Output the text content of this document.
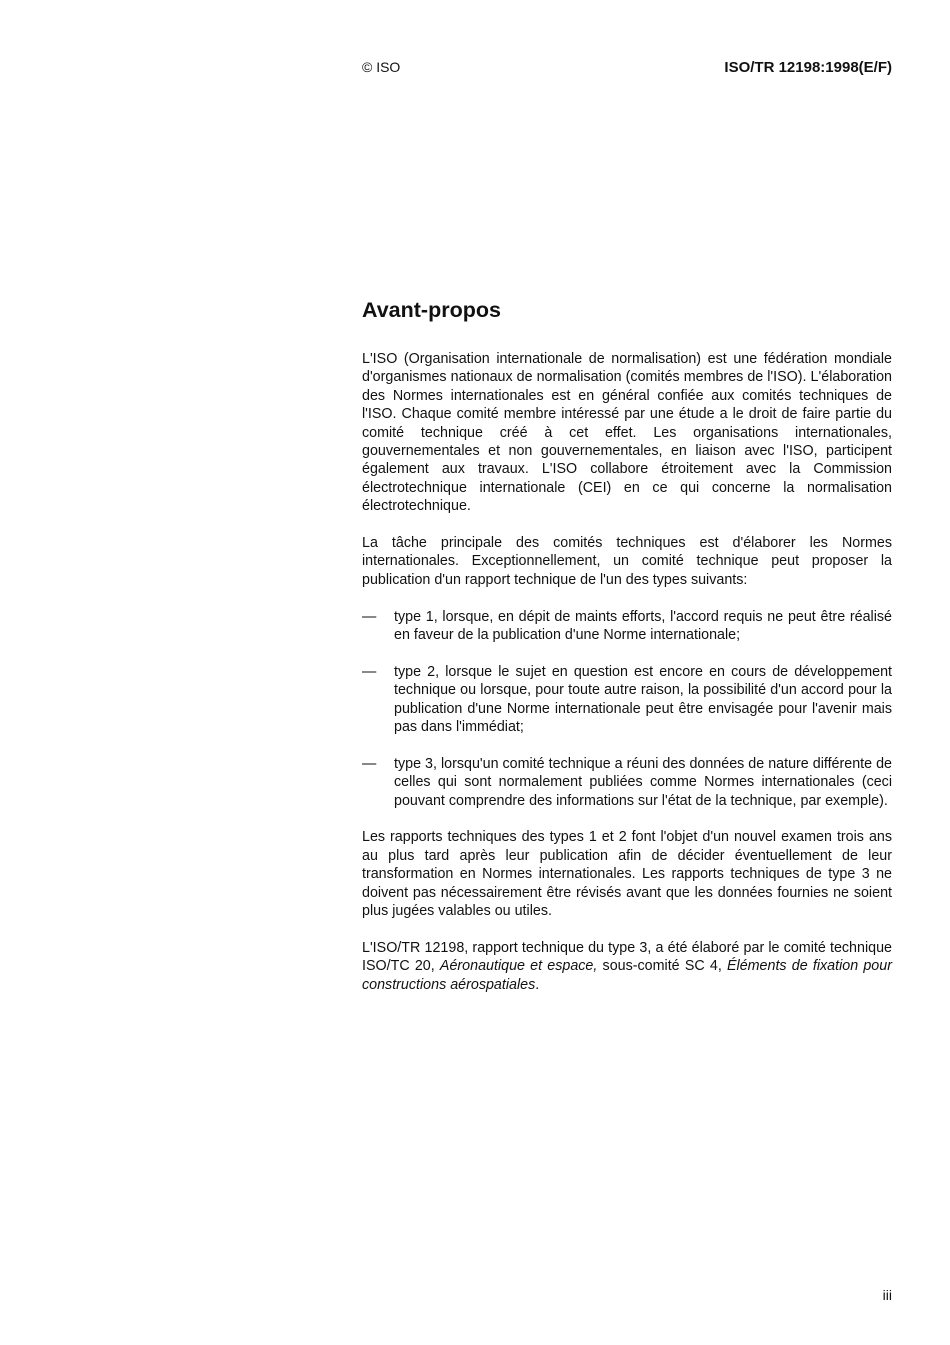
© ISO	ISO/TR 12198:1998(E/F)
Avant-propos

L'ISO (Organisation internationale de normalisation) est une fédération mondiale d'organismes nationaux de normalisation (comités membres de l'ISO). L'élaboration des Normes internationales est en général confiée aux comités techniques de l'ISO. Chaque comité membre intéressé par une étude a le droit de faire partie du comité technique créé à cet effet. Les organisations internationales, gouvernementales et non gouvernementales, en liaison avec l'ISO, participent également aux travaux. L'ISO collabore étroitement avec la Commission électrotechnique internationale (CEI) en ce qui concerne la normalisation électrotechnique.

La tâche principale des comités techniques est d'élaborer les Normes internationales. Exceptionnellement, un comité technique peut proposer la publication d'un rapport technique de l'un des types suivants:

— type 1, lorsque, en dépit de maints efforts, l'accord requis ne peut être réalisé en faveur de la publication d'une Norme internationale;
— type 2, lorsque le sujet en question est encore en cours de développement technique ou lorsque, pour toute autre raison, la possibilité d'un accord pour la publication d'une Norme internationale peut être envisagée pour l'avenir mais pas dans l'immédiat;
— type 3, lorsqu'un comité technique a réuni des données de nature différente de celles qui sont normalement publiées comme Normes internationales (ceci pouvant comprendre des informations sur l'état de la technique, par exemple).

Les rapports techniques des types 1 et 2 font l'objet d'un nouvel examen trois ans au plus tard après leur publication afin de décider éventuellement de leur transformation en Normes internationales. Les rapports techniques de type 3 ne doivent pas nécessairement être révisés avant que les données fournies ne soient plus jugées valables ou utiles.

L'ISO/TR 12198, rapport technique du type 3, a été élaboré par le comité technique ISO/TC 20, Aéronautique et espace, sous-comité SC 4, Éléments de fixation pour constructions aérospatiales.

iii
